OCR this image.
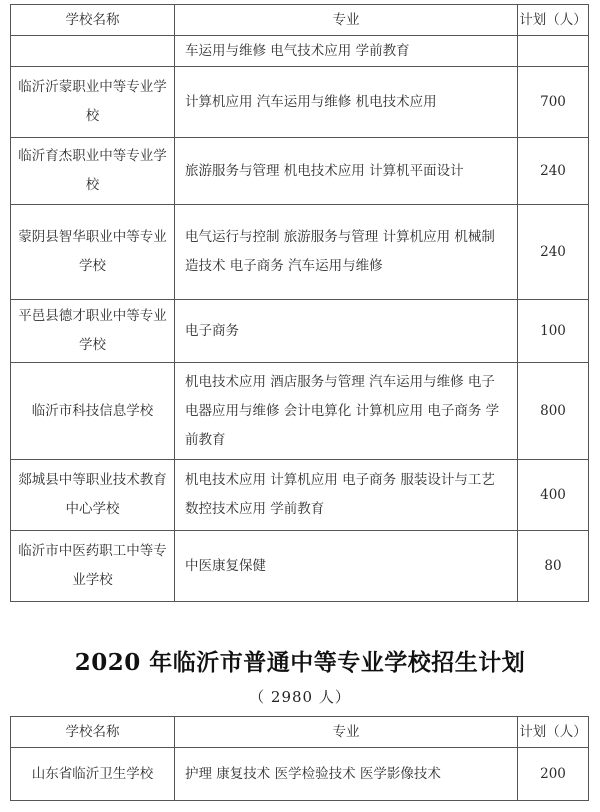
学校名称	专业	计划（人）
	车运用与维修 电气技术应用 学前教育	
临沂沂蒙职业中等专业学校	计算机应用 汽车运用与维修 机电技术应用	700
临沂育杰职业中等专业学校	旅游服务与管理 机电技术应用 计算机平面设计	240
蒙阴县智华职业中等专业学校	电气运行与控制 旅游服务与管理 计算机应用 机械制造技术 电子商务 汽车运用与维修	240
平邑县德才职业中等专业学校	电子商务	100
临沂市科技信息学校	机电技术应用 酒店服务与管理 汽车运用与维修 电子电器应用与维修 会计电算化 计算机应用 电子商务 学前教育	800
郯城县中等职业技术教育中心学校	机电技术应用 计算机应用 电子商务 服装设计与工艺 数控技术应用 学前教育	400
临沂市中医药职工中等专业学校	中医康复保健	80
2020 年临沂市普通中等专业学校招生计划
（ 2980 人）
学校名称	专业	计划（人）
山东省临沂卫生学校	护理 康复技术 医学检验技术 医学影像技术	200
